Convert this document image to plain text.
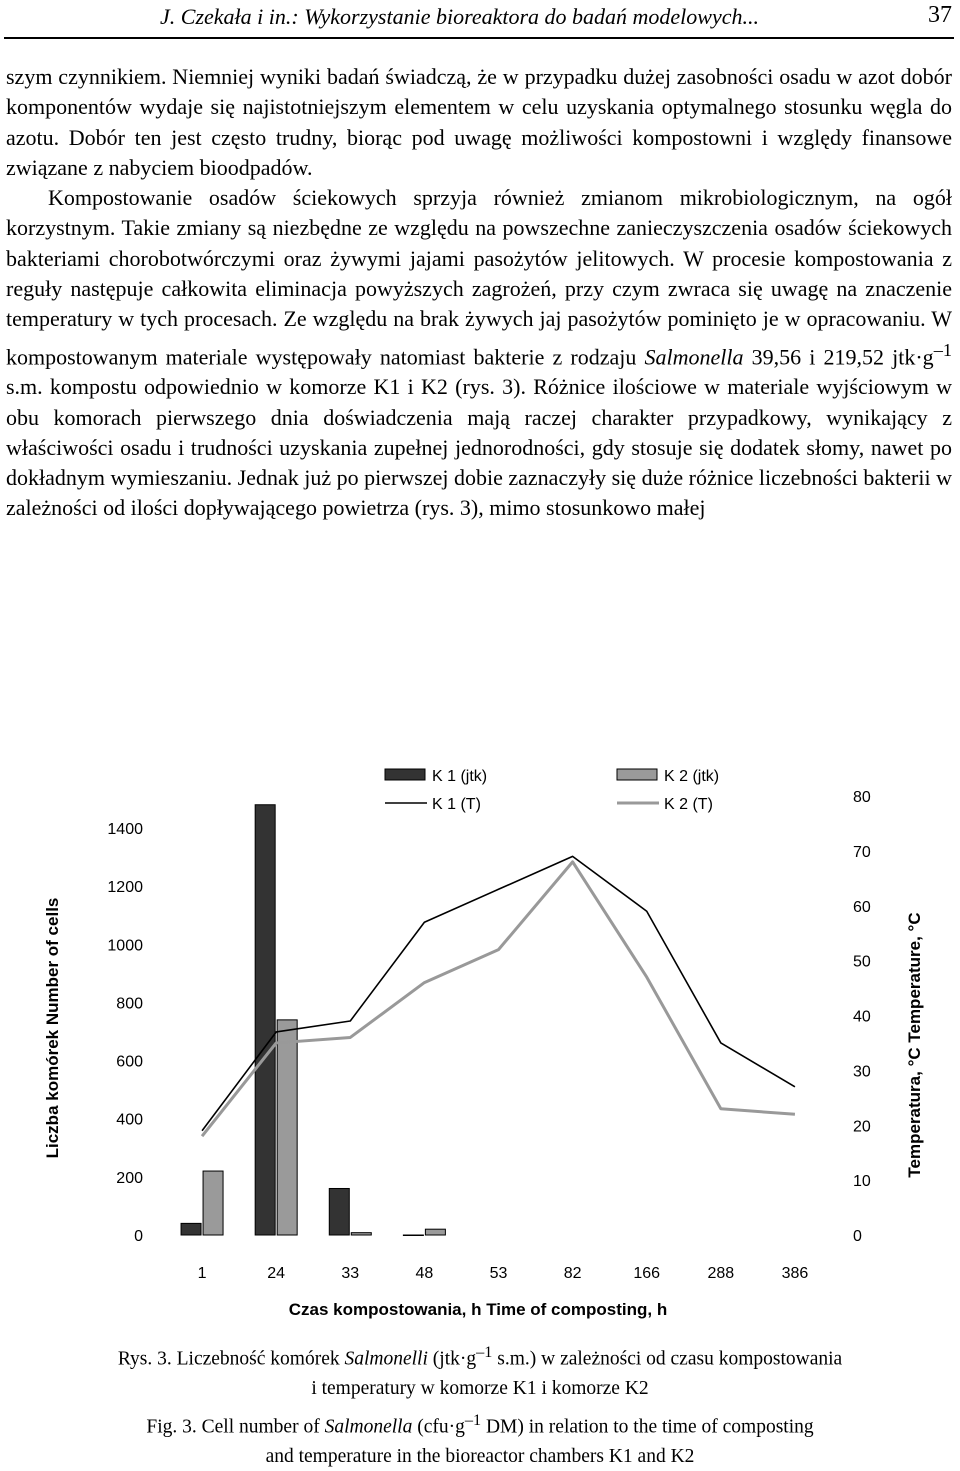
J. Czekała i in.: Wykorzystanie bioreaktora do badań modelowych...	37

szym czynnikiem. Niemniej wyniki badań świadczą, że w przypadku dużej zasobności osadu w azot dobór komponentów wydaje się najistotniejszym elementem w celu uzyskania optymalnego stosunku węgla do azotu. Dobór ten jest często trudny, biorąc pod uwagę możliwości kompostowni i względy finansowe związane z nabyciem bioodpadów.

Kompostowanie osadów ściekowych sprzyja również zmianom mikrobiologicznym, na ogół korzystnym. Takie zmiany są niezbędne ze względu na powszechne zanieczyszczenia osadów ściekowych bakteriami chorobotwórczymi oraz żywymi jajami pasożytów jelitowych. W procesie kompostowania z reguły następuje całkowita eliminacja powyższych zagrożeń, przy czym zwraca się uwagę na znaczenie temperatury w tych procesach. Ze względu na brak żywych jaj pasożytów pominięto je w opracowaniu. W kompostowanym materiale występowały natomiast bakterie z rodzaju Salmonella 39,56 i 219,52 $jtk\cdot g^{-1}$ s.m. kompostu odpowiednio w komorze K1 i K2 (rys. 3). Różnice ilościowe w materiale wyjściowym w obu komorach pierwszego dnia doświadczenia mają raczej charakter przypadkowy, wynikający z właściwości osadu i trudności uzyskania zupełnej jednorodności, gdy stosuje się dodatek słomy, nawet po dokładnym wymieszaniu. Jednak już po pierwszej dobie zaznaczyły się duże różnice liczebności bakterii w zależności od ilości dopływającego powietrza (rys. 3), mimo stosunkowo małej

0
200
400
600
800
1000
1200
1400
0
10
20
30
40
50
60
70
80
1	24	33	48	53	82	166	288	386
Czas kompostowania, h Time of composting, h
Liczba komórek Number of cells	Temperatura, °C Temperature, °C
K 1 (jtk)	K 2 (jtk)
K 1 (T)	K 2 (T)
Rys. 3. Liczebność komórek Salmonelli ($jtk\cdot g^{-1}$ s.m.) w zależności od czasu kompostowania
i temperatury w komorze K1 i komorze K2
Fig. 3. Cell number of Salmonella ($cfu\cdot g^{-1}$ DM) in relation to the time of composting
and temperature in the bioreactor chambers K1 and K2
